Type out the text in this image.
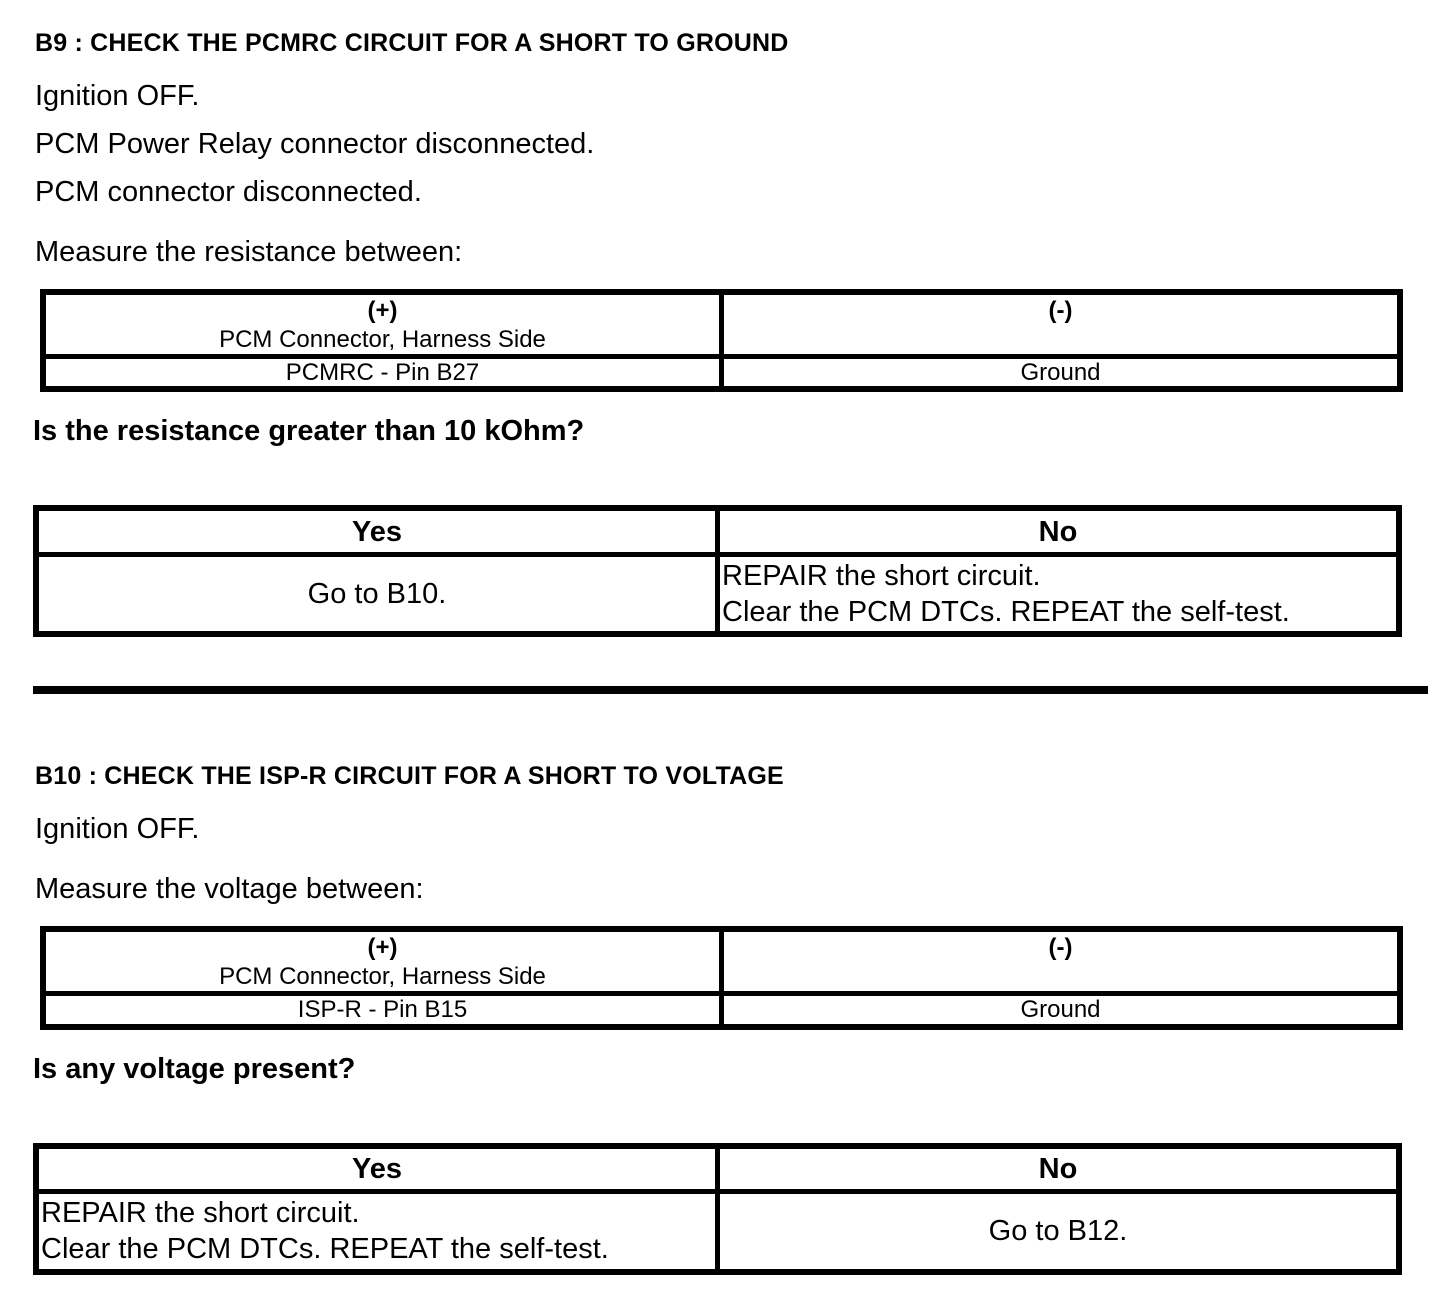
B9 : CHECK THE PCMRC CIRCUIT FOR A SHORT TO GROUND

Ignition OFF.

PCM Power Relay connector disconnected.

PCM connector disconnected.

Measure the resistance between:

(+)
PCM Connector, Harness Side	(-)

PCMRC - Pin B27	Ground

Is the resistance greater than 10 kOhm?

Yes	No

Go to B10.	REPAIR the short circuit.
Clear the PCM DTCs. REPEAT the self-test.
B10 : CHECK THE ISP-R CIRCUIT FOR A SHORT TO VOLTAGE

Ignition OFF.

Measure the voltage between:

(+)
PCM Connector, Harness Side	(-)

ISP-R - Pin B15	Ground

Is any voltage present?

Yes	No

REPAIR the short circuit.
Clear the PCM DTCs. REPEAT the self-test.	Go to B12.
